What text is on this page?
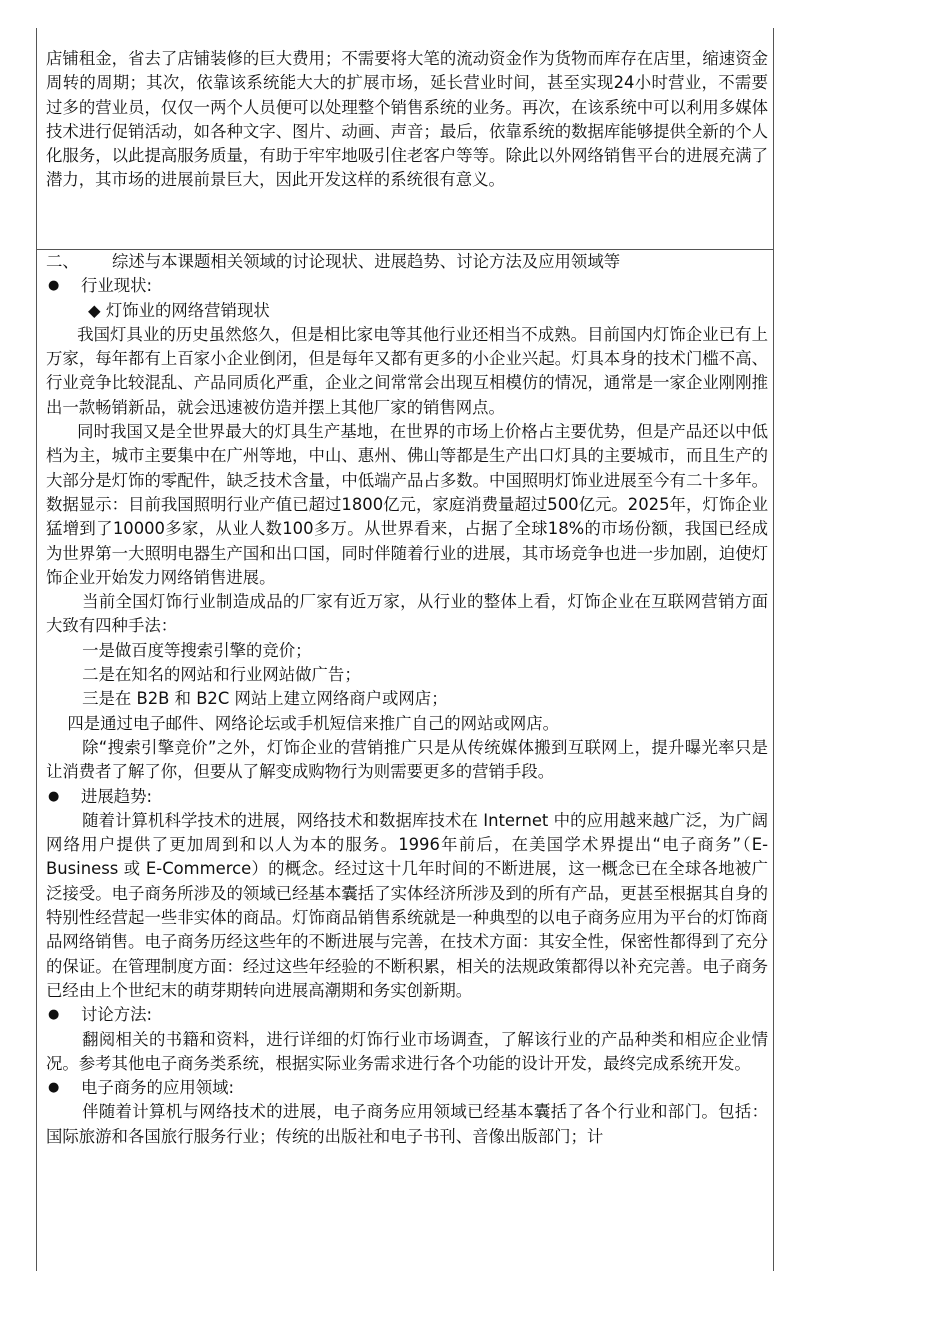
店铺租金，省去了店铺装修的巨大费用；不需要将大笔的流动资金作为货物而库存在店里，缩速资金周转的周期；其次，依靠该系统能大大的扩展市场，延长营业时间，甚至实现24小时营业，不需要过多的营业员，仅仅一两个人员便可以处理整个销售系统的业务。再次，在该系统中可以利用多媒体技术进行促销活动，如各种文字、图片、动画、声音；最后，依靠系统的数据库能够提供全新的个人化服务，以此提高服务质量，有助于牢牢地吸引住老客户等等。除此以外网络销售平台的进展充满了潜力，其市场的进展前景巨大，因此开发这样的系统很有意义。

二、	综述与本课题相关领域的讨论现状、进展趋势、讨论方法及应用领域等
●	行业现状:
◆ 灯饰业的网络营销现状

我国灯具业的历史虽然悠久，但是相比家电等其他行业还相当不成熟。目前国内灯饰企业已有上万家，每年都有上百家小企业倒闭，但是每年又都有更多的小企业兴起。灯具本身的技术门槛不高、行业竞争比较混乱、产品同质化严重，企业之间常常会出现互相模仿的情况，通常是一家企业刚刚推出一款畅销新品，就会迅速被仿造并摆上其他厂家的销售网点。

同时我国又是全世界最大的灯具生产基地，在世界的市场上价格占主要优势，但是产品还以中低档为主，城市主要集中在广州等地，中山、惠州、佛山等都是生产出口灯具的主要城市，而且生产的大部分是灯饰的零配件，缺乏技术含量，中低端产品占多数。中国照明灯饰业进展至今有二十多年。数据显示：目前我国照明行业产值已超过1800亿元，家庭消费量超过500亿元。2025年，灯饰企业猛增到了10000多家，从业人数100多万。从世界看来，占据了全球18%的市场份额，我国已经成为世界第一大照明电器生产国和出口国，同时伴随着行业的进展，其市场竞争也进一步加剧，迫使灯饰企业开始发力网络销售进展。

当前全国灯饰行业制造成品的厂家有近万家，从行业的整体上看，灯饰企业在互联网营销方面大致有四种手法：

一是做百度等搜索引擎的竞价；

二是在知名的网站和行业网站做广告；

三是在 B2B 和 B2C 网站上建立网络商户或网店；

四是通过电子邮件、网络论坛或手机短信来推广自己的网站或网店。

除“搜索引擎竞价”之外，灯饰企业的营销推广只是从传统媒体搬到互联网上，提升曝光率只是让消费者了解了你，但要从了解变成购物行为则需要更多的营销手段。

●	进展趋势:

随着计算机科学技术的进展，网络技术和数据库技术在 Internet 中的应用越来越广泛，为广阔网络用户提供了更加周到和以人为本的服务。1996年前后，在美国学术界提出“电子商务”（E-Business 或 E-Commerce）的概念。经过这十几年时间的不断进展，这一概念已在全球各地被广泛接受。电子商务所涉及的领域已经基本囊括了实体经济所涉及到的所有产品，更甚至根据其自身的特别性经营起一些非实体的商品。灯饰商品销售系统就是一种典型的以电子商务应用为平台的灯饰商品网络销售。电子商务历经这些年的不断进展与完善，在技术方面：其安全性，保密性都得到了充分的保证。在管理制度方面：经过这些年经验的不断积累，相关的法规政策都得以补充完善。电子商务已经由上个世纪末的萌芽期转向进展高潮期和务实创新期。

●	讨论方法:

翻阅相关的书籍和资料，进行详细的灯饰行业市场调查，了解该行业的产品种类和相应企业情况。参考其他电子商务类系统，根据实际业务需求进行各个功能的设计开发，最终完成系统开发。

●	电子商务的应用领域:

伴随着计算机与网络技术的进展，电子商务应用领域已经基本囊括了各个行业和部门。包括：国际旅游和各国旅行服务行业；传统的出版社和电子书刊、音像出版部门；计
